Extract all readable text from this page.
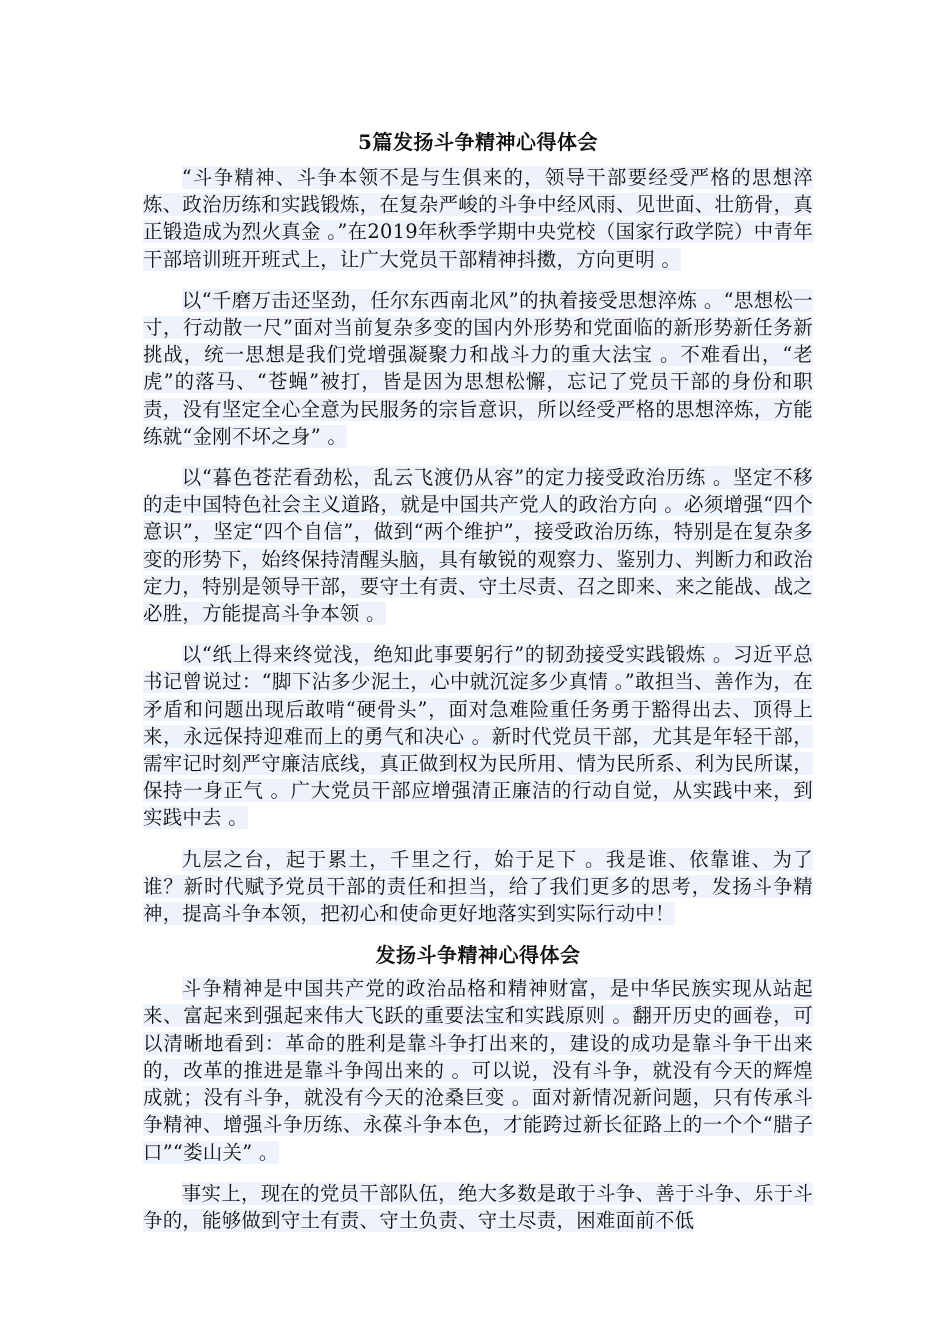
5篇发扬斗争精神心得体会

“斗争精神、斗争本领不是与生俱来的，领导干部要经受严格的思想淬炼、政治历练和实践锻炼，在复杂严峻的斗争中经风雨、见世面、壮筋骨，真正锻造成为烈火真金 。”在2019年秋季学期中央党校（国家行政学院）中青年干部培训班开班式上，让广大党员干部精神抖擞，方向更明 。

以“千磨万击还坚劲，任尔东西南北风”的执着接受思想淬炼 。“思想松一寸，行动散一尺”面对当前复杂多变的国内外形势和党面临的新形势新任务新挑战，统一思想是我们党增强凝聚力和战斗力的重大法宝 。不难看出，“老虎”的落马、“苍蝇”被打，皆是因为思想松懈，忘记了党员干部的身份和职责，没有坚定全心全意为民服务的宗旨意识，所以经受严格的思想淬炼，方能练就“金刚不坏之身” 。

以“暮色苍茫看劲松，乱云飞渡仍从容”的定力接受政治历练 。坚定不移的走中国特色社会主义道路，就是中国共产党人的政治方向 。必须增强“四个意识”，坚定“四个自信”，做到“两个维护”，接受政治历练，特别是在复杂多变的形势下，始终保持清醒头脑，具有敏锐的观察力、鉴别力、判断力和政治定力，特别是领导干部，要守土有责、守土尽责、召之即来、来之能战、战之必胜，方能提高斗争本领 。

以“纸上得来终觉浅，绝知此事要躬行”的韧劲接受实践锻炼 。习近平总书记曾说过：“脚下沾多少泥土，心中就沉淀多少真情 。”敢担当、善作为，在矛盾和问题出现后敢啃“硬骨头”，面对急难险重任务勇于豁得出去、顶得上来，永远保持迎难而上的勇气和决心 。新时代党员干部，尤其是年轻干部，需牢记时刻严守廉洁底线，真正做到权为民所用、情为民所系、利为民所谋，保持一身正气 。广大党员干部应增强清正廉洁的行动自觉，从实践中来，到实践中去 。

九层之台，起于累土，千里之行，始于足下 。我是谁、依靠谁、为了谁？新时代赋予党员干部的责任和担当，给了我们更多的思考，发扬斗争精神，提高斗争本领，把初心和使命更好地落实到实际行动中！

发扬斗争精神心得体会

斗争精神是中国共产党的政治品格和精神财富，是中华民族实现从站起来、富起来到强起来伟大飞跃的重要法宝和实践原则 。翻开历史的画卷，可以清晰地看到：革命的胜利是靠斗争打出来的，建设的成功是靠斗争干出来的，改革的推进是靠斗争闯出来的 。可以说，没有斗争，就没有今天的辉煌成就；没有斗争，就没有今天的沧桑巨变 。面对新情况新问题，只有传承斗争精神、增强斗争历练、永葆斗争本色，才能跨过新长征路上的一个个“腊子口”“娄山关” 。

事实上，现在的党员干部队伍，绝大多数是敢于斗争、善于斗争、乐于斗争的，能够做到守土有责、守土负责、守土尽责，困难面前不低
